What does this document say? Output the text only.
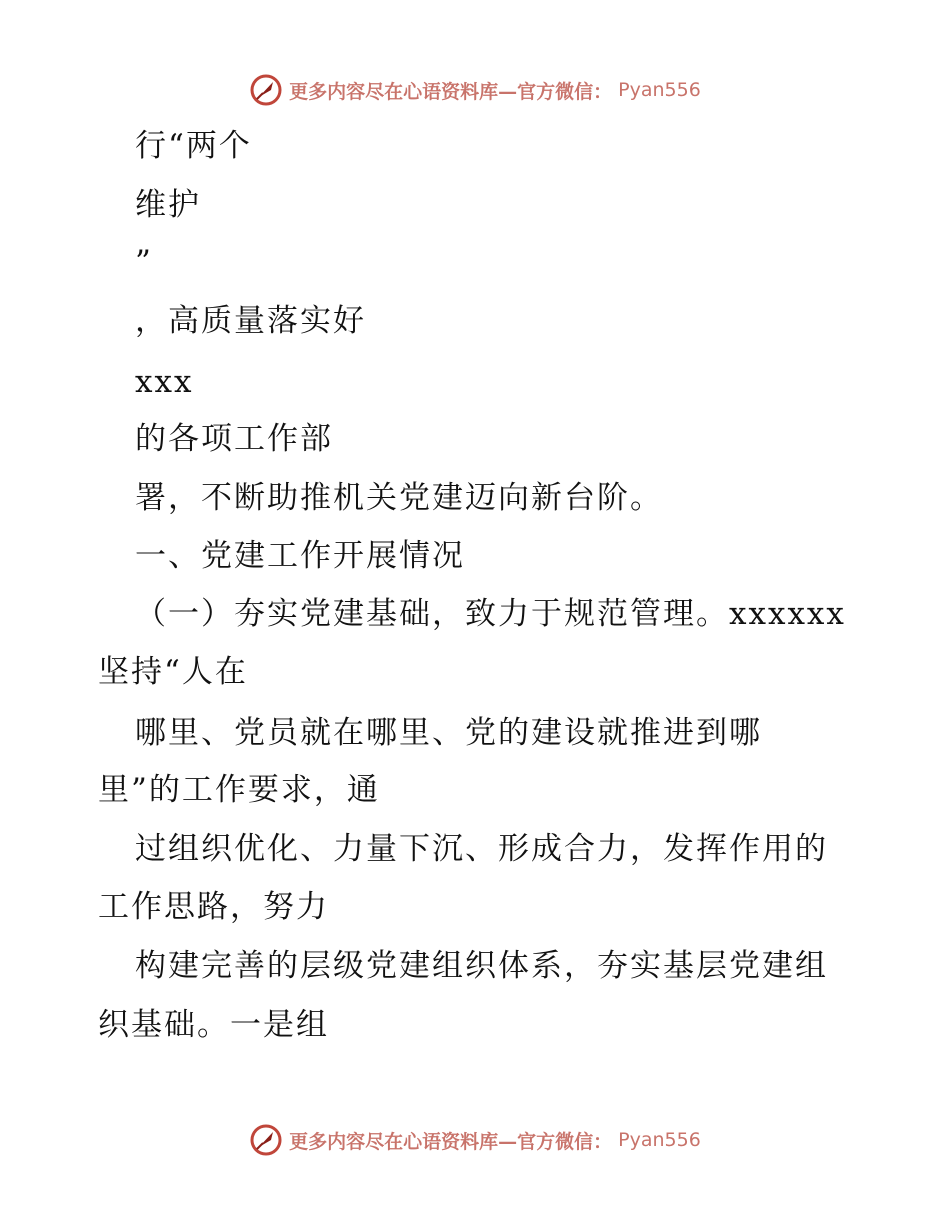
更多内容尽在心语资料库—官方微信： Pyan556
行“两个
维护
”
，高质量落实好
xxx
的各项工作部
署，不断助推机关党建迈向新台阶。
一、党建工作开展情况
（一）夯实党建基础，致力于规范管理。xxxxxx
坚持“人在
哪里、党员就在哪里、党的建设就推进到哪
里”的工作要求，通
过组织优化、力量下沉、形成合力，发挥作用的
工作思路，努力
构建完善的层级党建组织体系，夯实基层党建组
织基础。一是组
更多内容尽在心语资料库—官方微信： Pyan556
